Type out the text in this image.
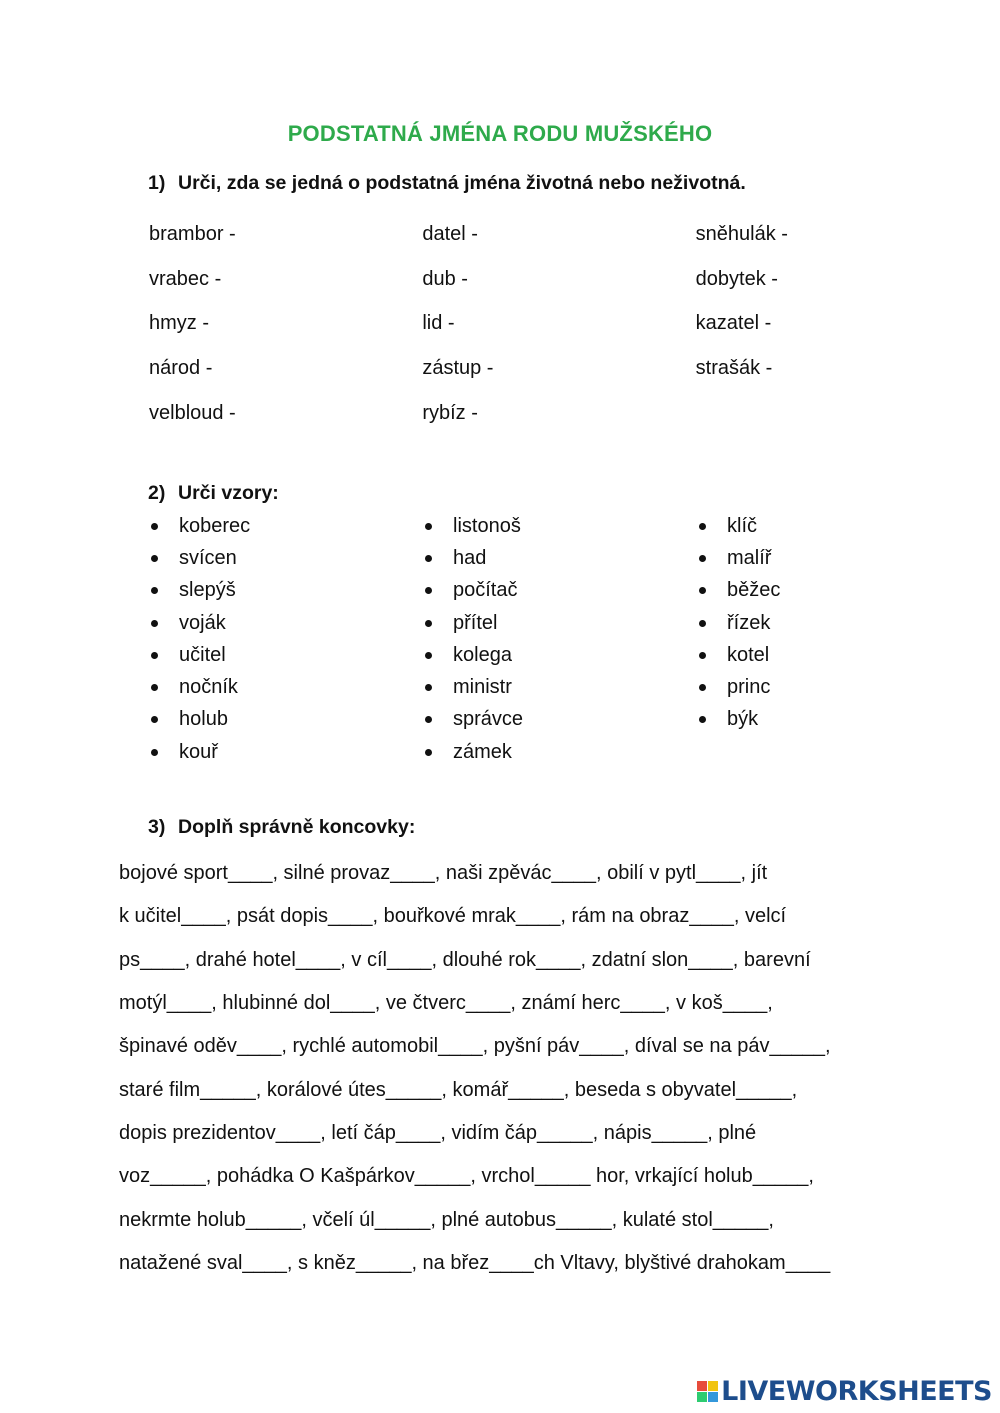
PODSTATNÁ JMÉNA RODU MUŽSKÉHO
1) Urči, zda se jedná o podstatná jména životná nebo neživotná.
brambor -	datel -	sněhulák -
vrabec -	dub -	dobytek -
hmyz -	lid -	kazatel -
národ -	zástup -	strašák -
velbloud -	rybíz -
2) Urči vzory:
koberec
svícen
slepýš
voják
učitel
nočník
holub
kouř
listonoš
had
počítač
přítel
kolega
ministr
správce
zámek
klíč
malíř
běžec
řízek
kotel
princ
býk
3) Doplň správně koncovky:
bojové sport____, silné provaz____, naši zpěvác____, obilí v pytl____, jít
k učitel____, psát dopis____, bouřkové mrak____, rám na obraz____, velcí
ps____, drahé hotel____, v cíl____, dlouhé rok____, zdatní slon____, barevní
motýl____, hlubinné dol____, ve čtverc____, známí herc____, v koš____,
špinavé oděv____, rychlé automobil____, pyšní páv____, díval se na páv_____,
staré film_____, korálové útes_____, komář_____, beseda s obyvatel_____,
dopis prezidentov____, letí čáp____, vidím čáp_____, nápis_____, plné
voz_____, pohádka O Kašpárkov_____, vrchol_____ hor, vrkající holub_____,
nekrmte holub_____, včelí úl_____, plné autobus_____, kulaté stol_____,
natažené sval____, s kněz_____, na břez____ch Vltavy, blyštivé drahokam____
LIVEWORKSHEETS
